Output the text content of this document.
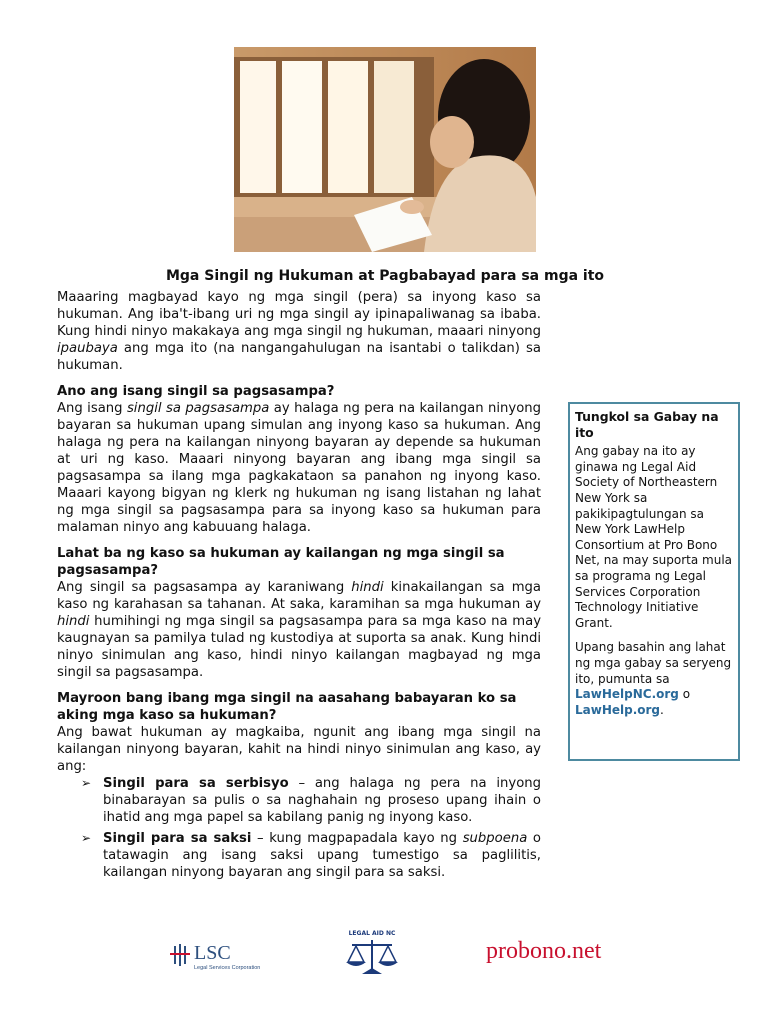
Mga Singil ng Hukuman at Pagbabayad para sa mga ito

Maaaring magbayad kayo ng mga singil (pera) sa inyong kaso sa hukuman. Ang iba't-ibang uri ng mga singil ay ipinapaliwanag sa ibaba. Kung hindi ninyo makakaya ang mga singil ng hukuman, maaari ninyong ipaubaya ang mga ito (na nangangahulugan na isantabi o talikdan) sa hukuman.

Ano ang isang singil sa pagsasampa?

Ang isang singil sa pagsasampa ay halaga ng pera na kailangan ninyong bayaran sa hukuman upang simulan ang inyong kaso sa hukuman. Ang halaga ng pera na kailangan ninyong bayaran ay depende sa hukuman at uri ng kaso. Maaari ninyong bayaran ang ibang mga singil sa pagsasampa sa ilang mga pagkakataon sa panahon ng inyong kaso. Maaari kayong bigyan ng klerk ng hukuman ng isang listahan ng lahat ng mga singil sa pagsasampa para sa inyong kaso sa hukuman para malaman ninyo ang kabuuang halaga.

Lahat ba ng kaso sa hukuman ay kailangan ng mga singil sa pagsasampa?

Ang singil sa pagsasampa ay karaniwang hindi kinakailangan sa mga kaso ng karahasan sa tahanan. At saka, karamihan sa mga hukuman ay hindi humihingi ng mga singil sa pagsasampa para sa mga kaso na may kaugnayan sa pamilya tulad ng kustodiya at suporta sa anak. Kung hindi ninyo sinimulan ang kaso, hindi ninyo kailangan magbayad ng mga singil sa pagsasampa.

Mayroon bang ibang mga singil na aasahang babayaran ko sa aking mga kaso sa hukuman?

Ang bawat hukuman ay magkaiba, ngunit ang ibang mga singil na kailangan ninyong bayaran, kahit na hindi ninyo sinimulan ang kaso, ay ang:

➢ Singil para sa serbisyo – ang halaga ng pera na inyong binabarayan sa pulis o sa naghahain ng proseso upang ihain o ihatid ang mga papel sa kabilang panig ng inyong kaso.
➢ Singil para sa saksi – kung magpapadala kayo ng subpoena o tatawagin ang isang saksi upang tumestigo sa paglilitis, kailangan ninyong bayaran ang singil para sa saksi.
Tungkol sa Gabay na ito

Ang gabay na ito ay ginawa ng Legal Aid Society of Northeastern New York sa pakikipagtulungan sa New York LawHelp Consortium at Pro Bono Net, na may suporta mula sa programa ng Legal Services Corporation Technology Initiative Grant.

Upang basahin ang lahat ng mga gabay sa seryeng ito, pumunta sa LawHelpNC.org o LawHelp.org.

LSC
Legal Services Corporation
LEGAL AID NC
probono.net
